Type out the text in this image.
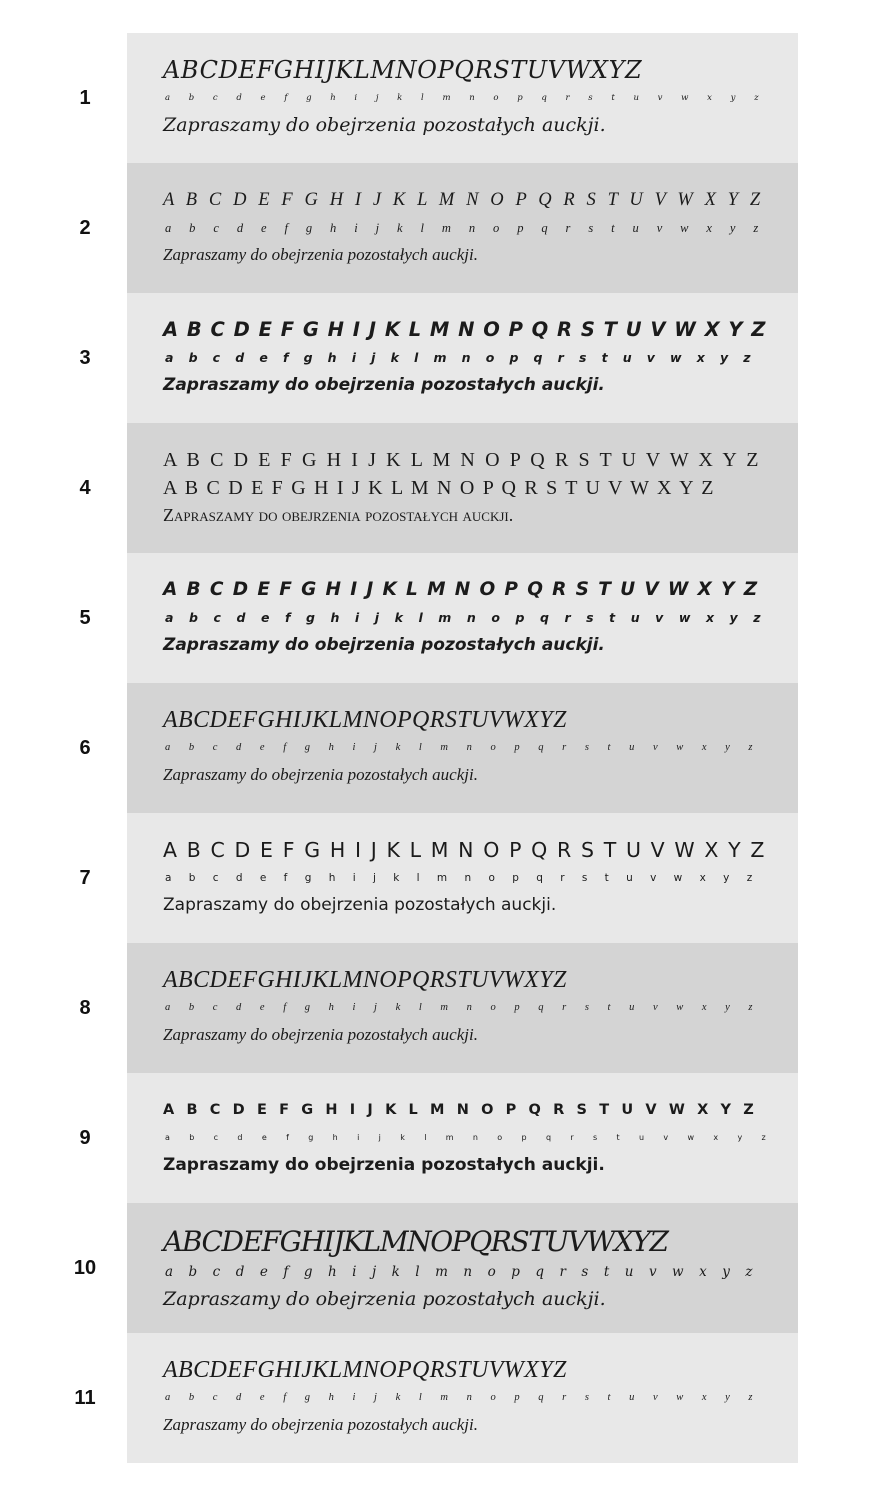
1
ABCDEFGHIJKLMNOPQRSTUVWXYZ
a b c d e f g h i j k l m n o p q r s t u v w x y z
Zapraszamy do obejrzenia pozostałych auckji.
2
A B C D E F G H I J K L M N O P Q R S T U V W X Y Z
a b c d e f g h i j k l m n o p q r s t u v w x y z
Zapraszamy do obejrzenia pozostałych auckji.
3
A B C D E F G H I J K L M N O P Q R S T U V W X Y Z
a b c d e f g h i j k l m n o p q r s t u v w x y z
Zapraszamy do obejrzenia pozostałych auckji.
4
A B C D E F G H I J K L M N O P Q R S T U V W X Y Z
A B C D E F G H I J K L M N O P Q R S T U V W X Y Z
Zapraszamy do obejrzenia pozostałych auckji.
5
A B C D E F G H I J K L M N O P Q R S T U V W X Y Z
a b c d e f g h i j k l m n o p q r s t u v w x y z
Zapraszamy do obejrzenia pozostałych auckji.
6
ABCDEFGHIJKLMNOPQRSTUVWXYZ
a b c d e f g h i j k l m n o p q r s t u v w x y z
Zapraszamy do obejrzenia pozostałych auckji.
7
A B C D E F G H I J K L M N O P Q R S T U V W X Y Z
a b c d e f g h i j k l m n o p q r s t u v w x y z
Zapraszamy do obejrzenia pozostałych auckji.
8
ABCDEFGHIJKLMNOPQRSTUVWXYZ
a b c d e f g h i j k l m n o p q r s t u v w x y z
Zapraszamy do obejrzenia pozostałych auckji.
9
A B C D E F G H I J K L M N O P Q R S T U V W X Y Z
a b c d e f g h i j k l m n o p q r s t u v w x y z
Zapraszamy do obejrzenia pozostałych auckji.
10
ABCDEFGHIJKLMNOPQRSTUVWXYZ
a b c d e f g h i j k l m n o p q r s t u v w x y z
Zapraszamy do obejrzenia pozostałych auckji.
11
ABCDEFGHIJKLMNOPQRSTUVWXYZ
a b c d e f g h i j k l m n o p q r s t u v w x y z
Zapraszamy do obejrzenia pozostałych auckji.
